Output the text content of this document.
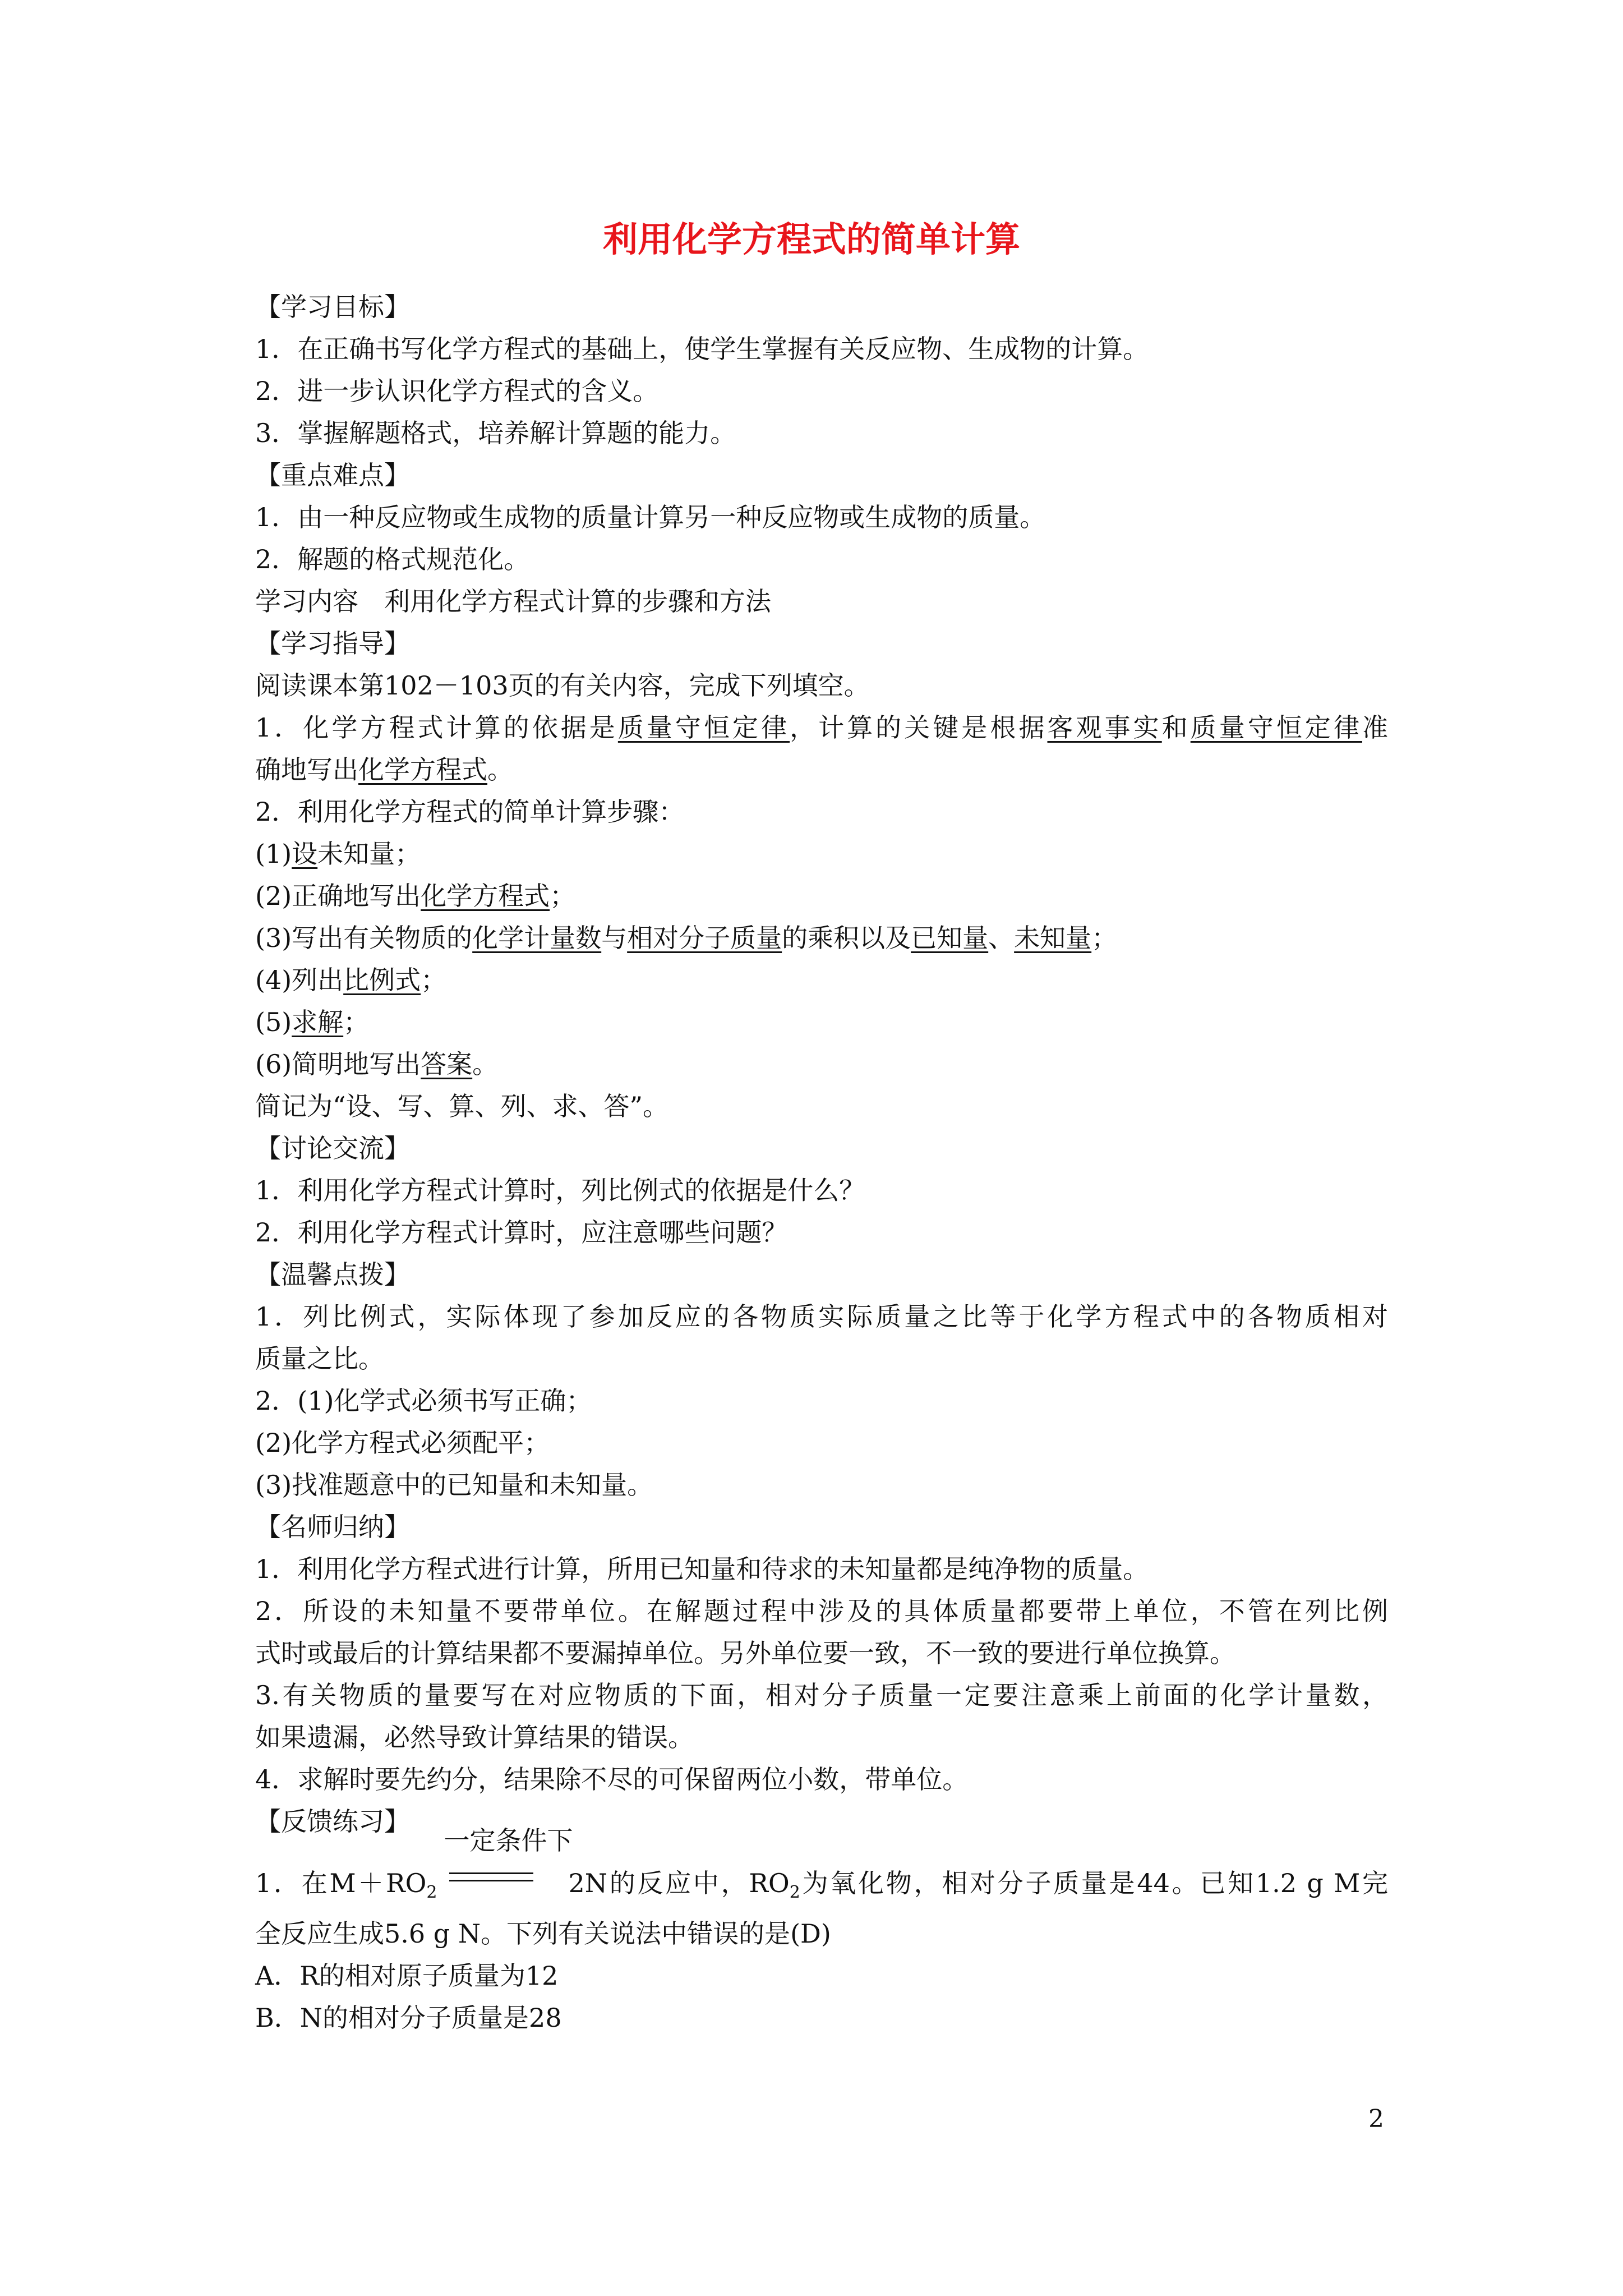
利用化学方程式的简单计算

【学习目标】

1．在正确书写化学方程式的基础上，使学生掌握有关反应物、生成物的计算。

2．进一步认识化学方程式的含义。

3．掌握解题格式，培养解计算题的能力。

【重点难点】

1．由一种反应物或生成物的质量计算另一种反应物或生成物的质量。

2．解题的格式规范化。

学习内容　利用化学方程式计算的步骤和方法

【学习指导】

阅读课本第102－103页的有关内容，完成下列填空。

1．化学方程式计算的依据是质量守恒定律，计算的关键是根据客观事实和质量守恒定律准

确地写出化学方程式。

2．利用化学方程式的简单计算步骤：

(1)设未知量；

(2)正确地写出化学方程式；

(3)写出有关物质的化学计量数与相对分子质量的乘积以及已知量、未知量；

(4)列出比例式；

(5)求解；

(6)简明地写出答案。

简记为“设、写、算、列、求、答”。

【讨论交流】

1．利用化学方程式计算时，列比例式的依据是什么？

2．利用化学方程式计算时，应注意哪些问题？

【温馨点拨】

1．列比例式，实际体现了参加反应的各物质实际质量之比等于化学方程式中的各物质相对

质量之比。

2．(1)化学式必须书写正确；

(2)化学方程式必须配平；

(3)找准题意中的已知量和未知量。

【名师归纳】

1．利用化学方程式进行计算，所用已知量和待求的未知量都是纯净物的质量。

2．所设的未知量不要带单位。在解题过程中涉及的具体质量都要带上单位，不管在列比例

式时或最后的计算结果都不要漏掉单位。另外单位要一致，不一致的要进行单位换算。

3.有关物质的量要写在对应物质的下面，相对分子质量一定要注意乘上前面的化学计量数，

如果遗漏，必然导致计算结果的错误。

4．求解时要先约分，结果除不尽的可保留两位小数，带单位。

【反馈练习】

1．在$M+RO_2$
一定条件下
2N的反应中，$RO_2$为氧化物，相对分子质量是44。已知1.2 g M完

全反应生成5.6 g N。下列有关说法中错误的是(D)

A．R的相对原子质量为12

B．N的相对分子质量是28

2
